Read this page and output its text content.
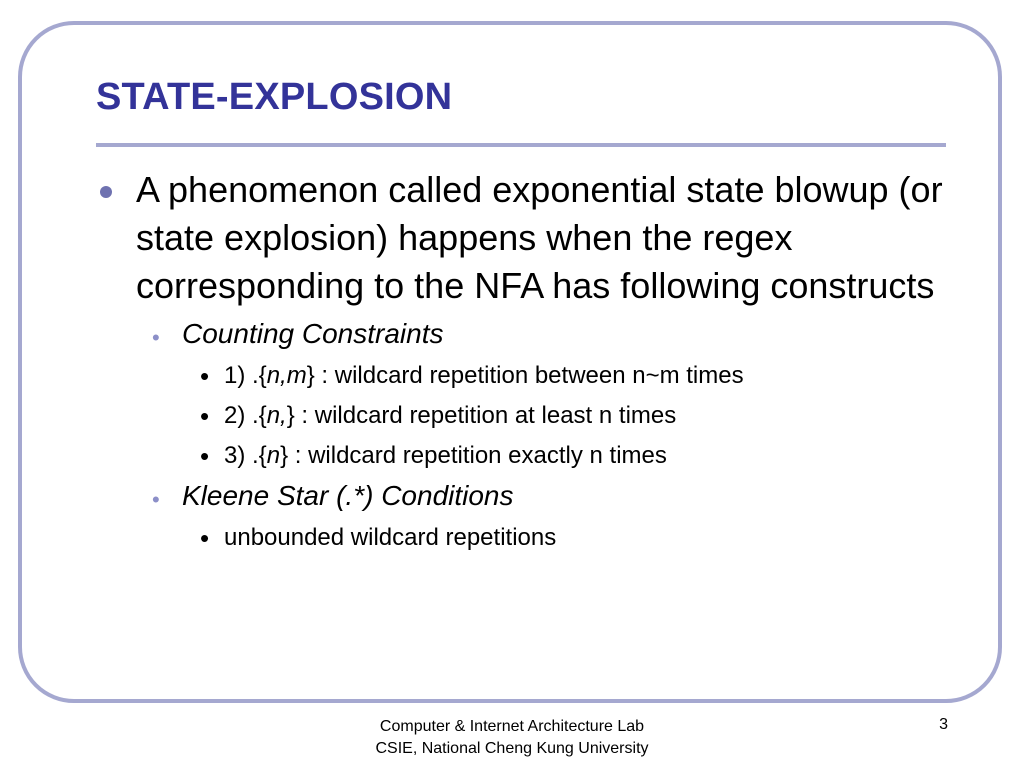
STATE-EXPLOSION
A phenomenon called exponential state blowup (or state explosion) happens when the regex corresponding to the NFA has following constructs
• Counting Constraints
• 1) .{n,m} : wildcard repetition between n~m times
• 2) .{n,} : wildcard repetition at least n times
• 3) .{n} : wildcard repetition exactly n times
• Kleene Star (.*) Conditions
• unbounded wildcard repetitions
Computer & Internet Architecture Lab
CSIE, National Cheng Kung University
3
